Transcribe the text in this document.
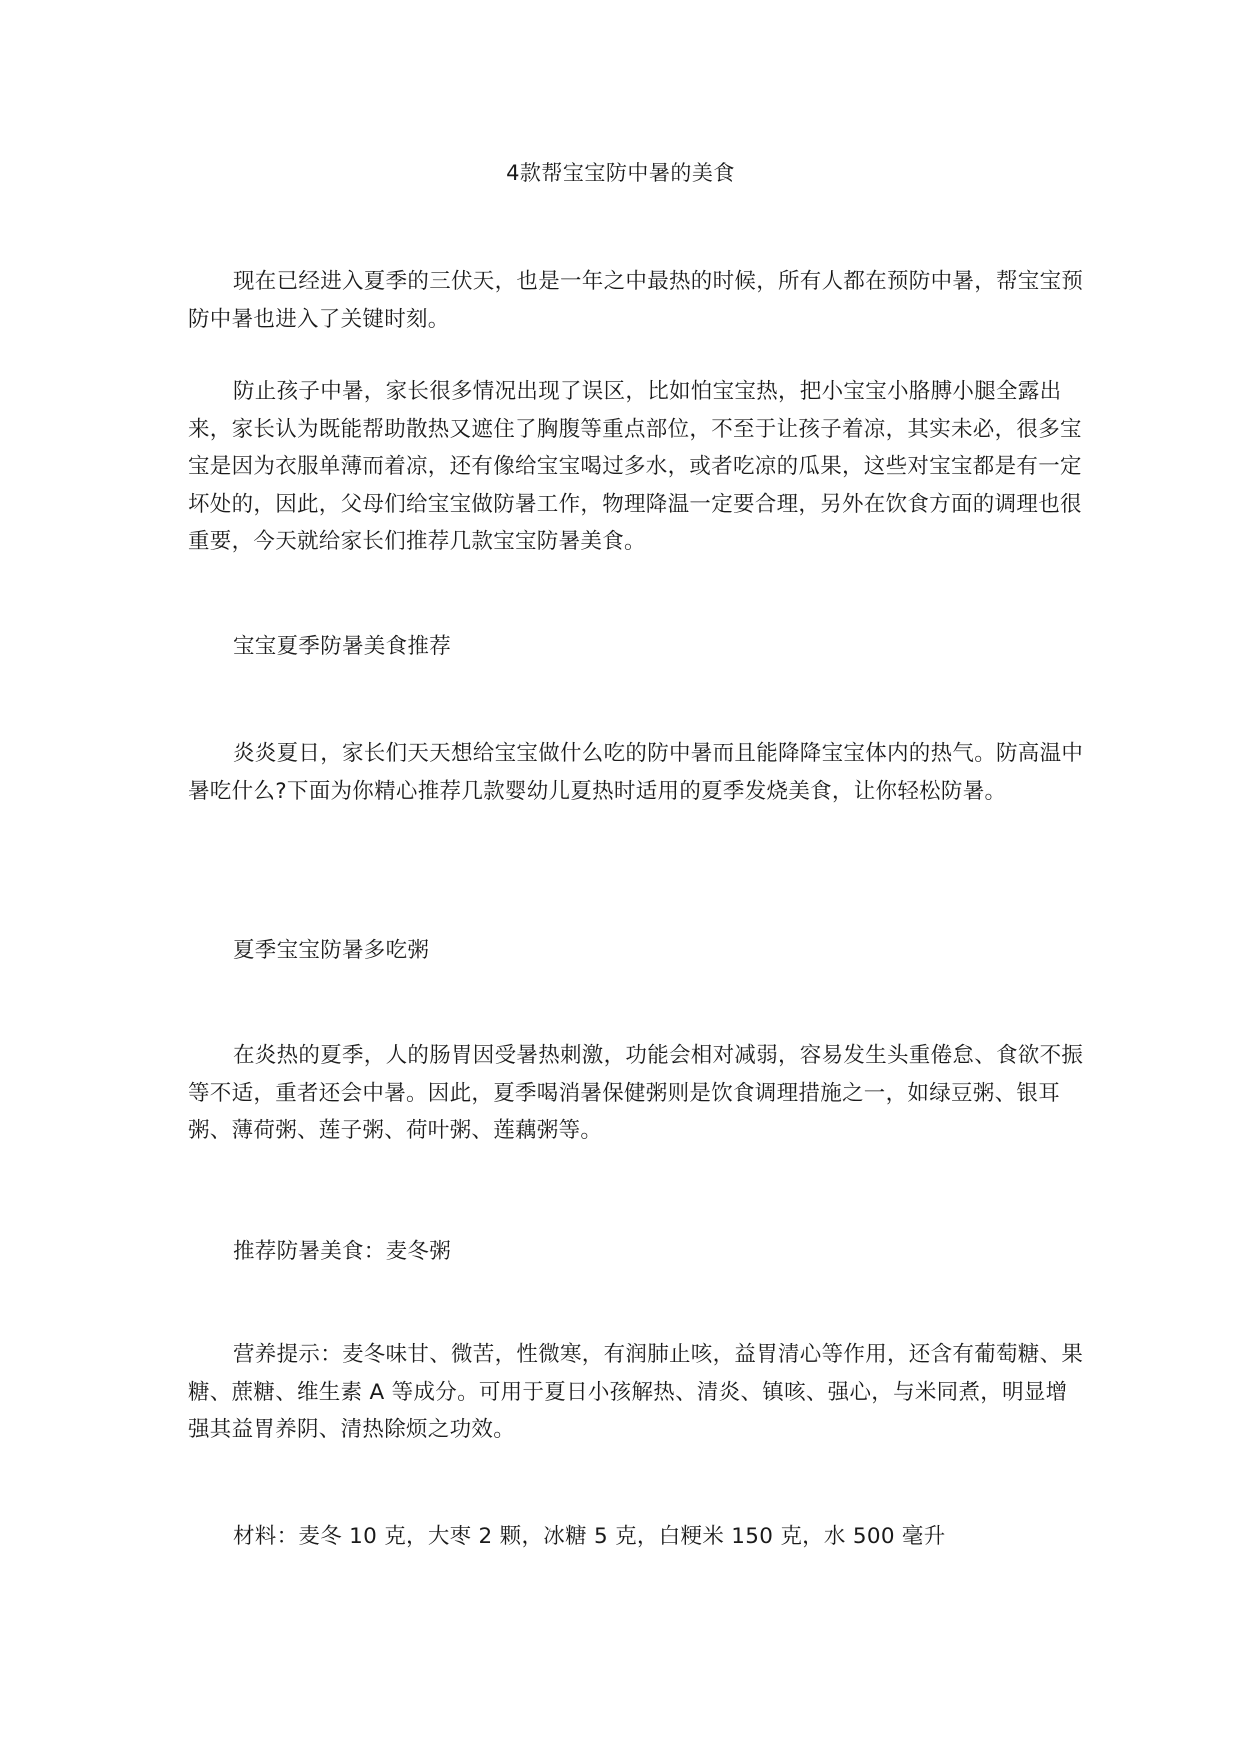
4款帮宝宝防中暑的美食

现在已经进入夏季的三伏天，也是一年之中最热的时候，所有人都在预防中暑，帮宝宝预防中暑也进入了关键时刻。

防止孩子中暑，家长很多情况出现了误区，比如怕宝宝热，把小宝宝小胳膊小腿全露出来，家长认为既能帮助散热又遮住了胸腹等重点部位，不至于让孩子着凉，其实未必，很多宝宝是因为衣服单薄而着凉，还有像给宝宝喝过多水，或者吃凉的瓜果，这些对宝宝都是有一定坏处的，因此，父母们给宝宝做防暑工作，物理降温一定要合理，另外在饮食方面的调理也很重要，今天就给家长们推荐几款宝宝防暑美食。

宝宝夏季防暑美食推荐

炎炎夏日，家长们天天想给宝宝做什么吃的防中暑而且能降降宝宝体内的热气。防高温中暑吃什么?下面为你精心推荐几款婴幼儿夏热时适用的夏季发烧美食，让你轻松防暑。

夏季宝宝防暑多吃粥

在炎热的夏季，人的肠胃因受暑热刺激，功能会相对减弱，容易发生头重倦怠、食欲不振等不适，重者还会中暑。因此，夏季喝消暑保健粥则是饮食调理措施之一，如绿豆粥、银耳粥、薄荷粥、莲子粥、荷叶粥、莲藕粥等。

推荐防暑美食：麦冬粥

营养提示：麦冬味甘、微苦，性微寒，有润肺止咳，益胃清心等作用，还含有葡萄糖、果糖、蔗糖、维生素 A 等成分。可用于夏日小孩解热、清炎、镇咳、强心，与米同煮，明显增强其益胃养阴、清热除烦之功效。

材料：麦冬 10 克，大枣 2 颗，冰糖 5 克，白粳米 150 克，水 500 毫升
